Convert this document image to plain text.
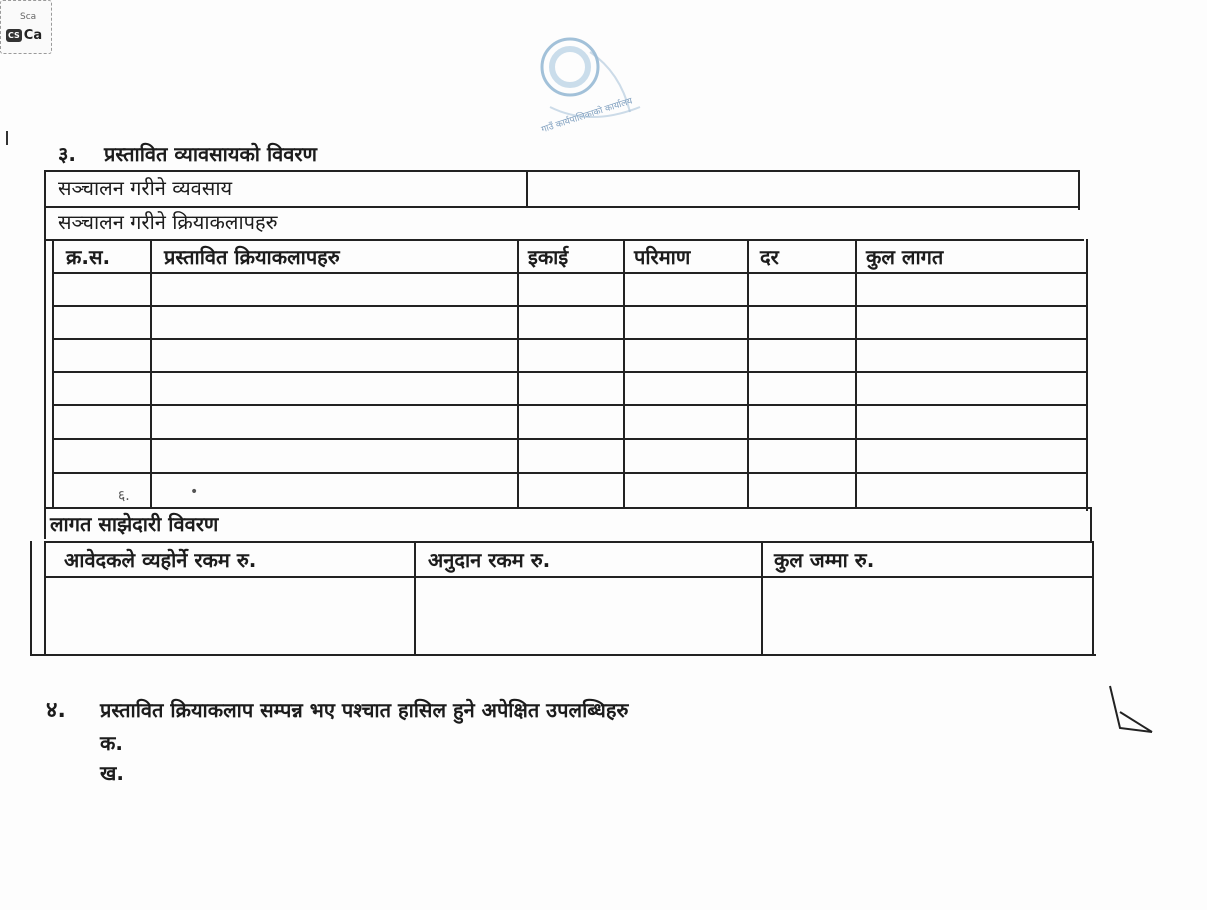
गाउँ कार्यपालिकाको कार्यालय
३. प्रस्तावित व्यावसायको विवरण
सञ्चालन गरीने व्यवसाय
सञ्चालन गरीने क्रियाकलापहरु
क्र.स.	प्रस्तावित क्रियाकलापहरु	इकाई	परिमाण	दर	कुल लागत
६.	•
लागत साझेदारी विवरण
आवेदकले व्यहोर्ने रकम रु.	अनुदान रकम रु.	कुल जम्मा रु.
४. प्रस्तावित क्रियाकलाप सम्पन्न भए पश्चात हासिल हुने अपेक्षित उपलब्धिहरु
क.
ख.
Sca
CS Ca
